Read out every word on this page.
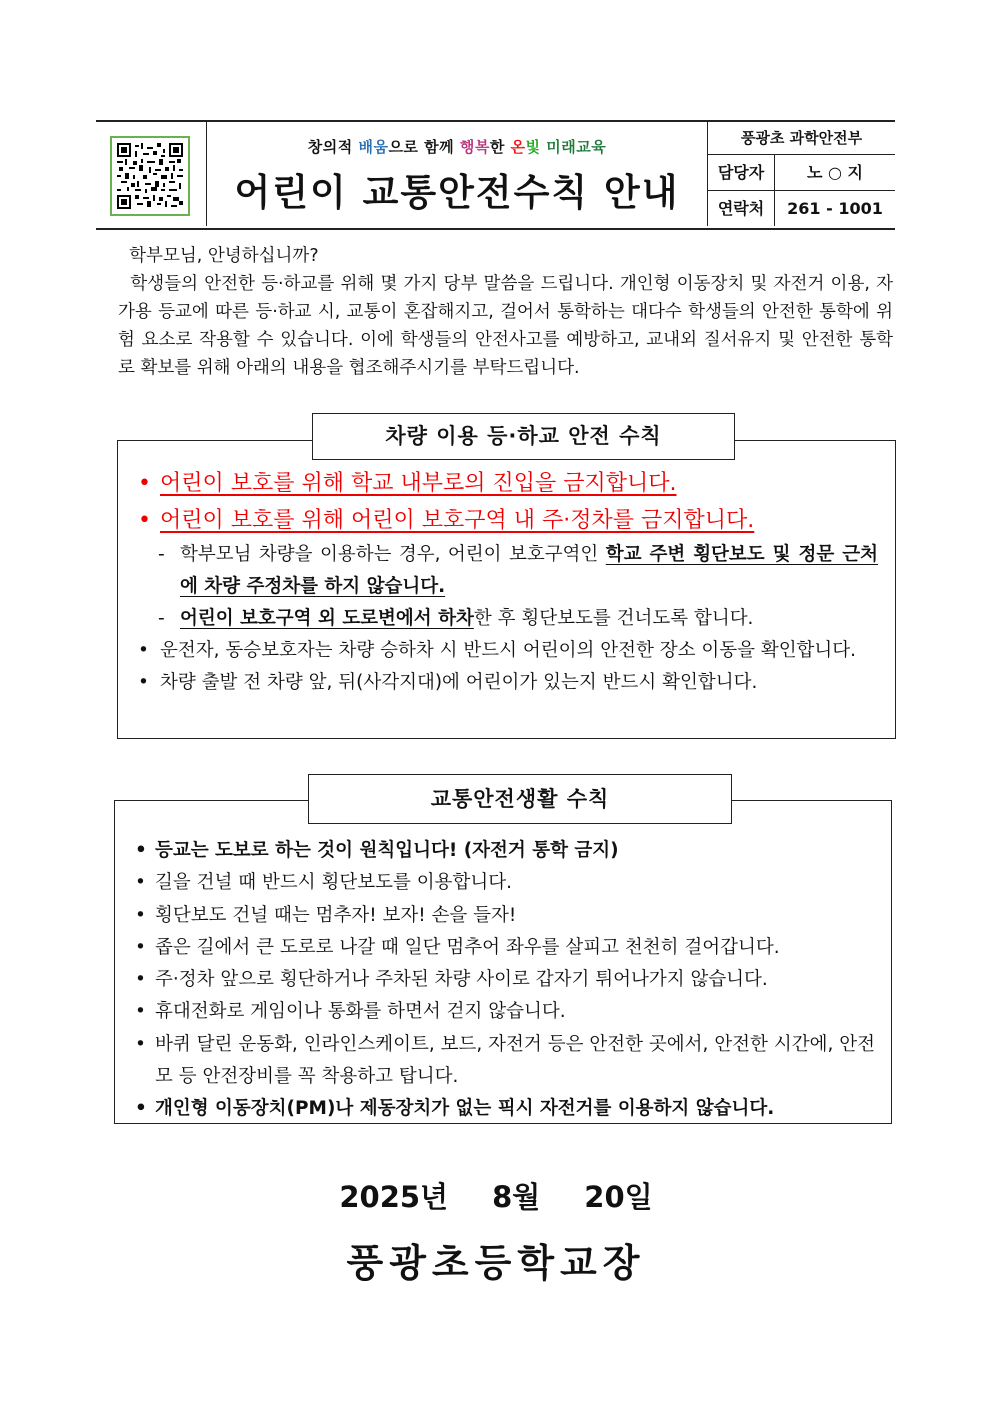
창의적 배움으로 함께 행복한 온빛 미래교육
어린이 교통안전수칙 안내
풍광초 과학안전부
담당자	노 ○ 지
연락처	261 - 1001

학부모님, 안녕하십니까?

학생들의 안전한 등·하교를 위해 몇 가지 당부 말씀을 드립니다. 개인형 이동장치 및 자전거 이용, 자가용 등교에 따른 등·하교 시, 교통이 혼잡해지고, 걸어서 통학하는 대다수 학생들의 안전한 통학에 위험 요소로 작용할 수 있습니다. 이에 학생들의 안전사고를 예방하고, 교내외 질서유지 및 안전한 통학로 확보를 위해 아래의 내용을 협조해주시기를 부탁드립니다.

• 어린이 보호를 위해 학교 내부로의 진입을 금지합니다.
• 어린이 보호를 위해 어린이 보호구역 내 주·정차를 금지합니다.
- 학부모님 차량을 이용하는 경우, 어린이 보호구역인 학교 주변 횡단보도 및 정문 근처에 차량 주정차를 하지 않습니다.
- 어린이 보호구역 외 도로변에서 하차한 후 횡단보도를 건너도록 합니다.
• 운전자, 동승보호자는 차량 승하차 시 반드시 어린이의 안전한 장소 이동을 확인합니다.
• 차량 출발 전 차량 앞, 뒤(사각지대)에 어린이가 있는지 반드시 확인합니다.
차량 이용 등·하교 안전 수칙
• 등교는 도보로 하는 것이 원칙입니다! (자전거 통학 금지)
• 길을 건널 때 반드시 횡단보도를 이용합니다.
• 횡단보도 건널 때는 멈추자! 보자! 손을 들자!
• 좁은 길에서 큰 도로로 나갈 때 일단 멈추어 좌우를 살피고 천천히 걸어갑니다.
• 주·정차 앞으로 횡단하거나 주차된 차량 사이로 갑자기 튀어나가지 않습니다.
• 휴대전화로 게임이나 통화를 하면서 걷지 않습니다.
• 바퀴 달린 운동화, 인라인스케이트, 보드, 자전거 등은 안전한 곳에서, 안전한 시간에, 안전모 등 안전장비를 꼭 착용하고 탑니다.
• 개인형 이동장치(PM)나 제동장치가 없는 픽시 자전거를 이용하지 않습니다.
교통안전생활 수칙
2025년 8월 20일
풍광초등학교장
